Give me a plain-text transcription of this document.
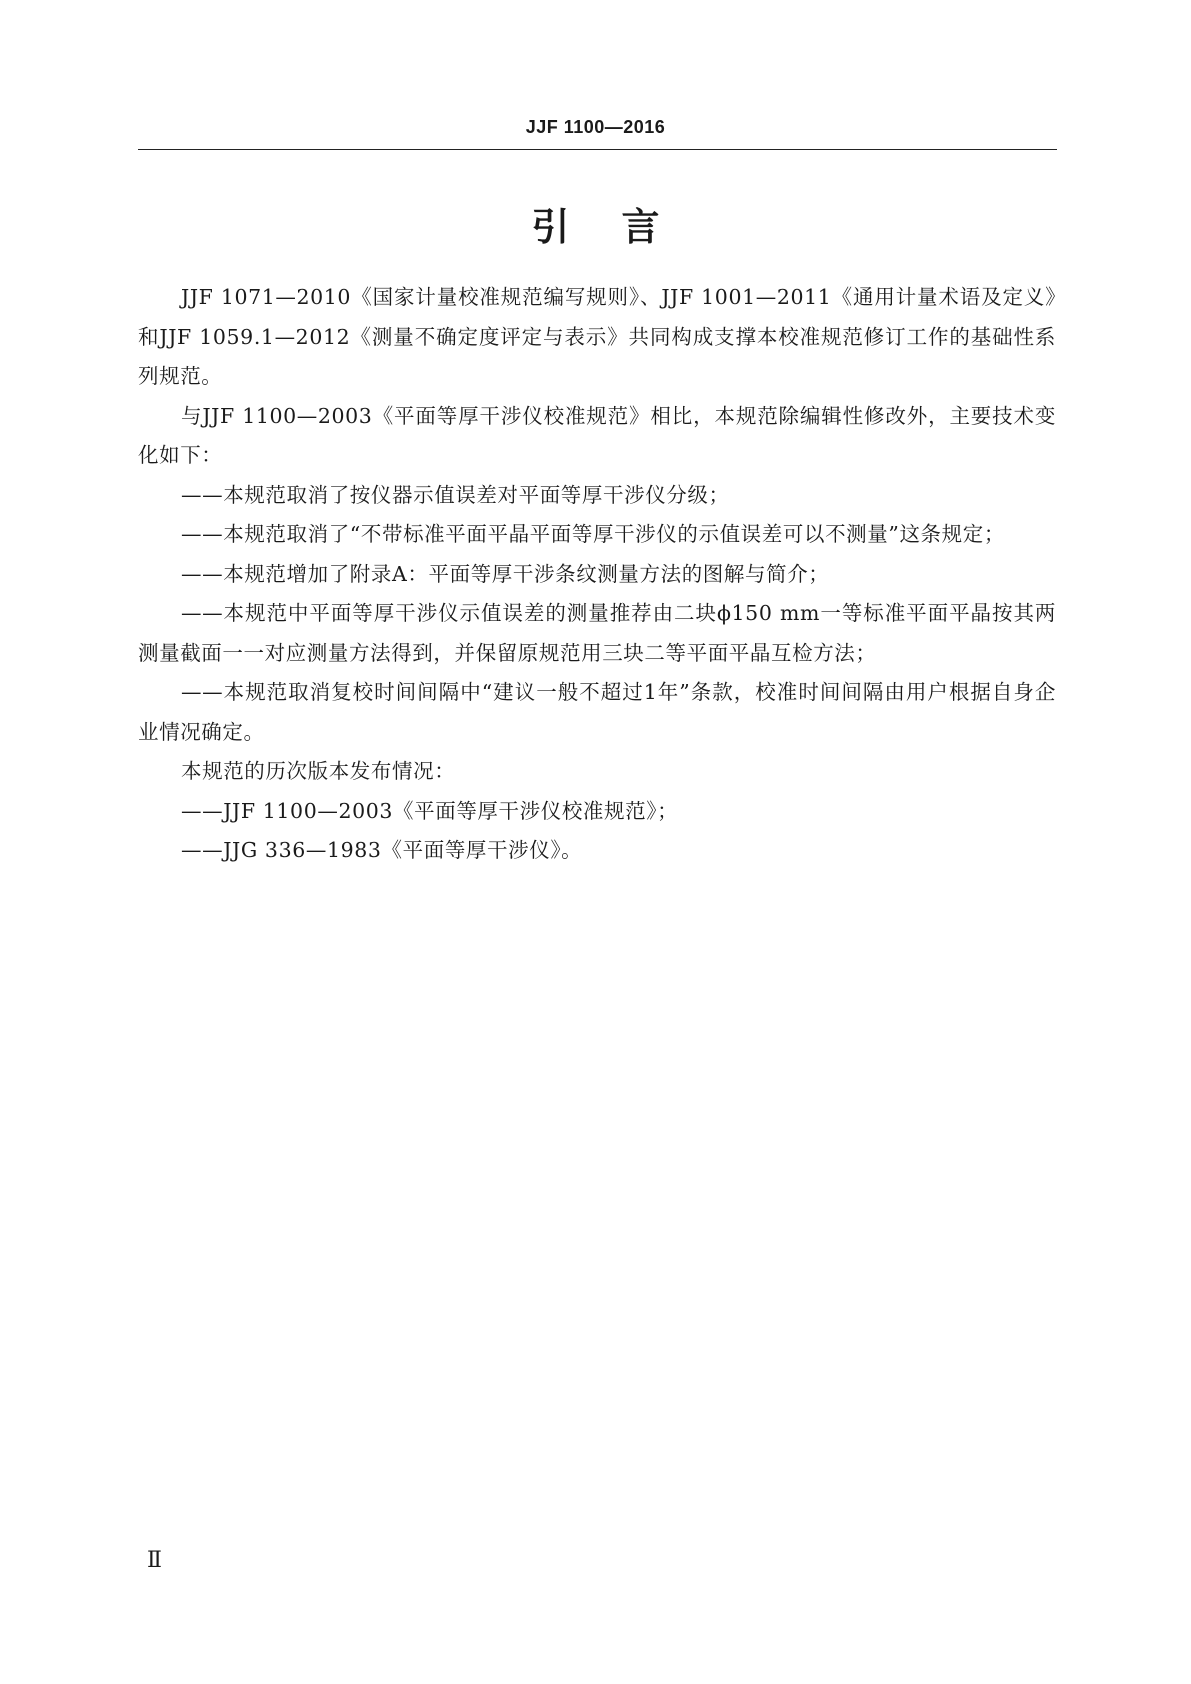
JJF 1100—2016
引言

JJF 1071—2010《国家计量校准规范编写规则》、JJF 1001—2011《通用计量术语及定义》和JJF 1059.1—2012《测量不确定度评定与表示》共同构成支撑本校准规范修订工作的基础性系列规范。

与JJF 1100—2003《平面等厚干涉仪校准规范》相比，本规范除编辑性修改外，主要技术变化如下：

——本规范取消了按仪器示值误差对平面等厚干涉仪分级；

——本规范取消了“不带标准平面平晶平面等厚干涉仪的示值误差可以不测量”这条规定；

——本规范增加了附录A：平面等厚干涉条纹测量方法的图解与简介；

——本规范中平面等厚干涉仪示值误差的测量推荐由二块ϕ150 mm一等标准平面平晶按其两测量截面一一对应测量方法得到，并保留原规范用三块二等平面平晶互检方法；

——本规范取消复校时间间隔中“建议一般不超过1年”条款，校准时间间隔由用户根据自身企业情况确定。

本规范的历次版本发布情况：

——JJF 1100—2003《平面等厚干涉仪校准规范》；

——JJG 336—1983《平面等厚干涉仪》。

Ⅱ
